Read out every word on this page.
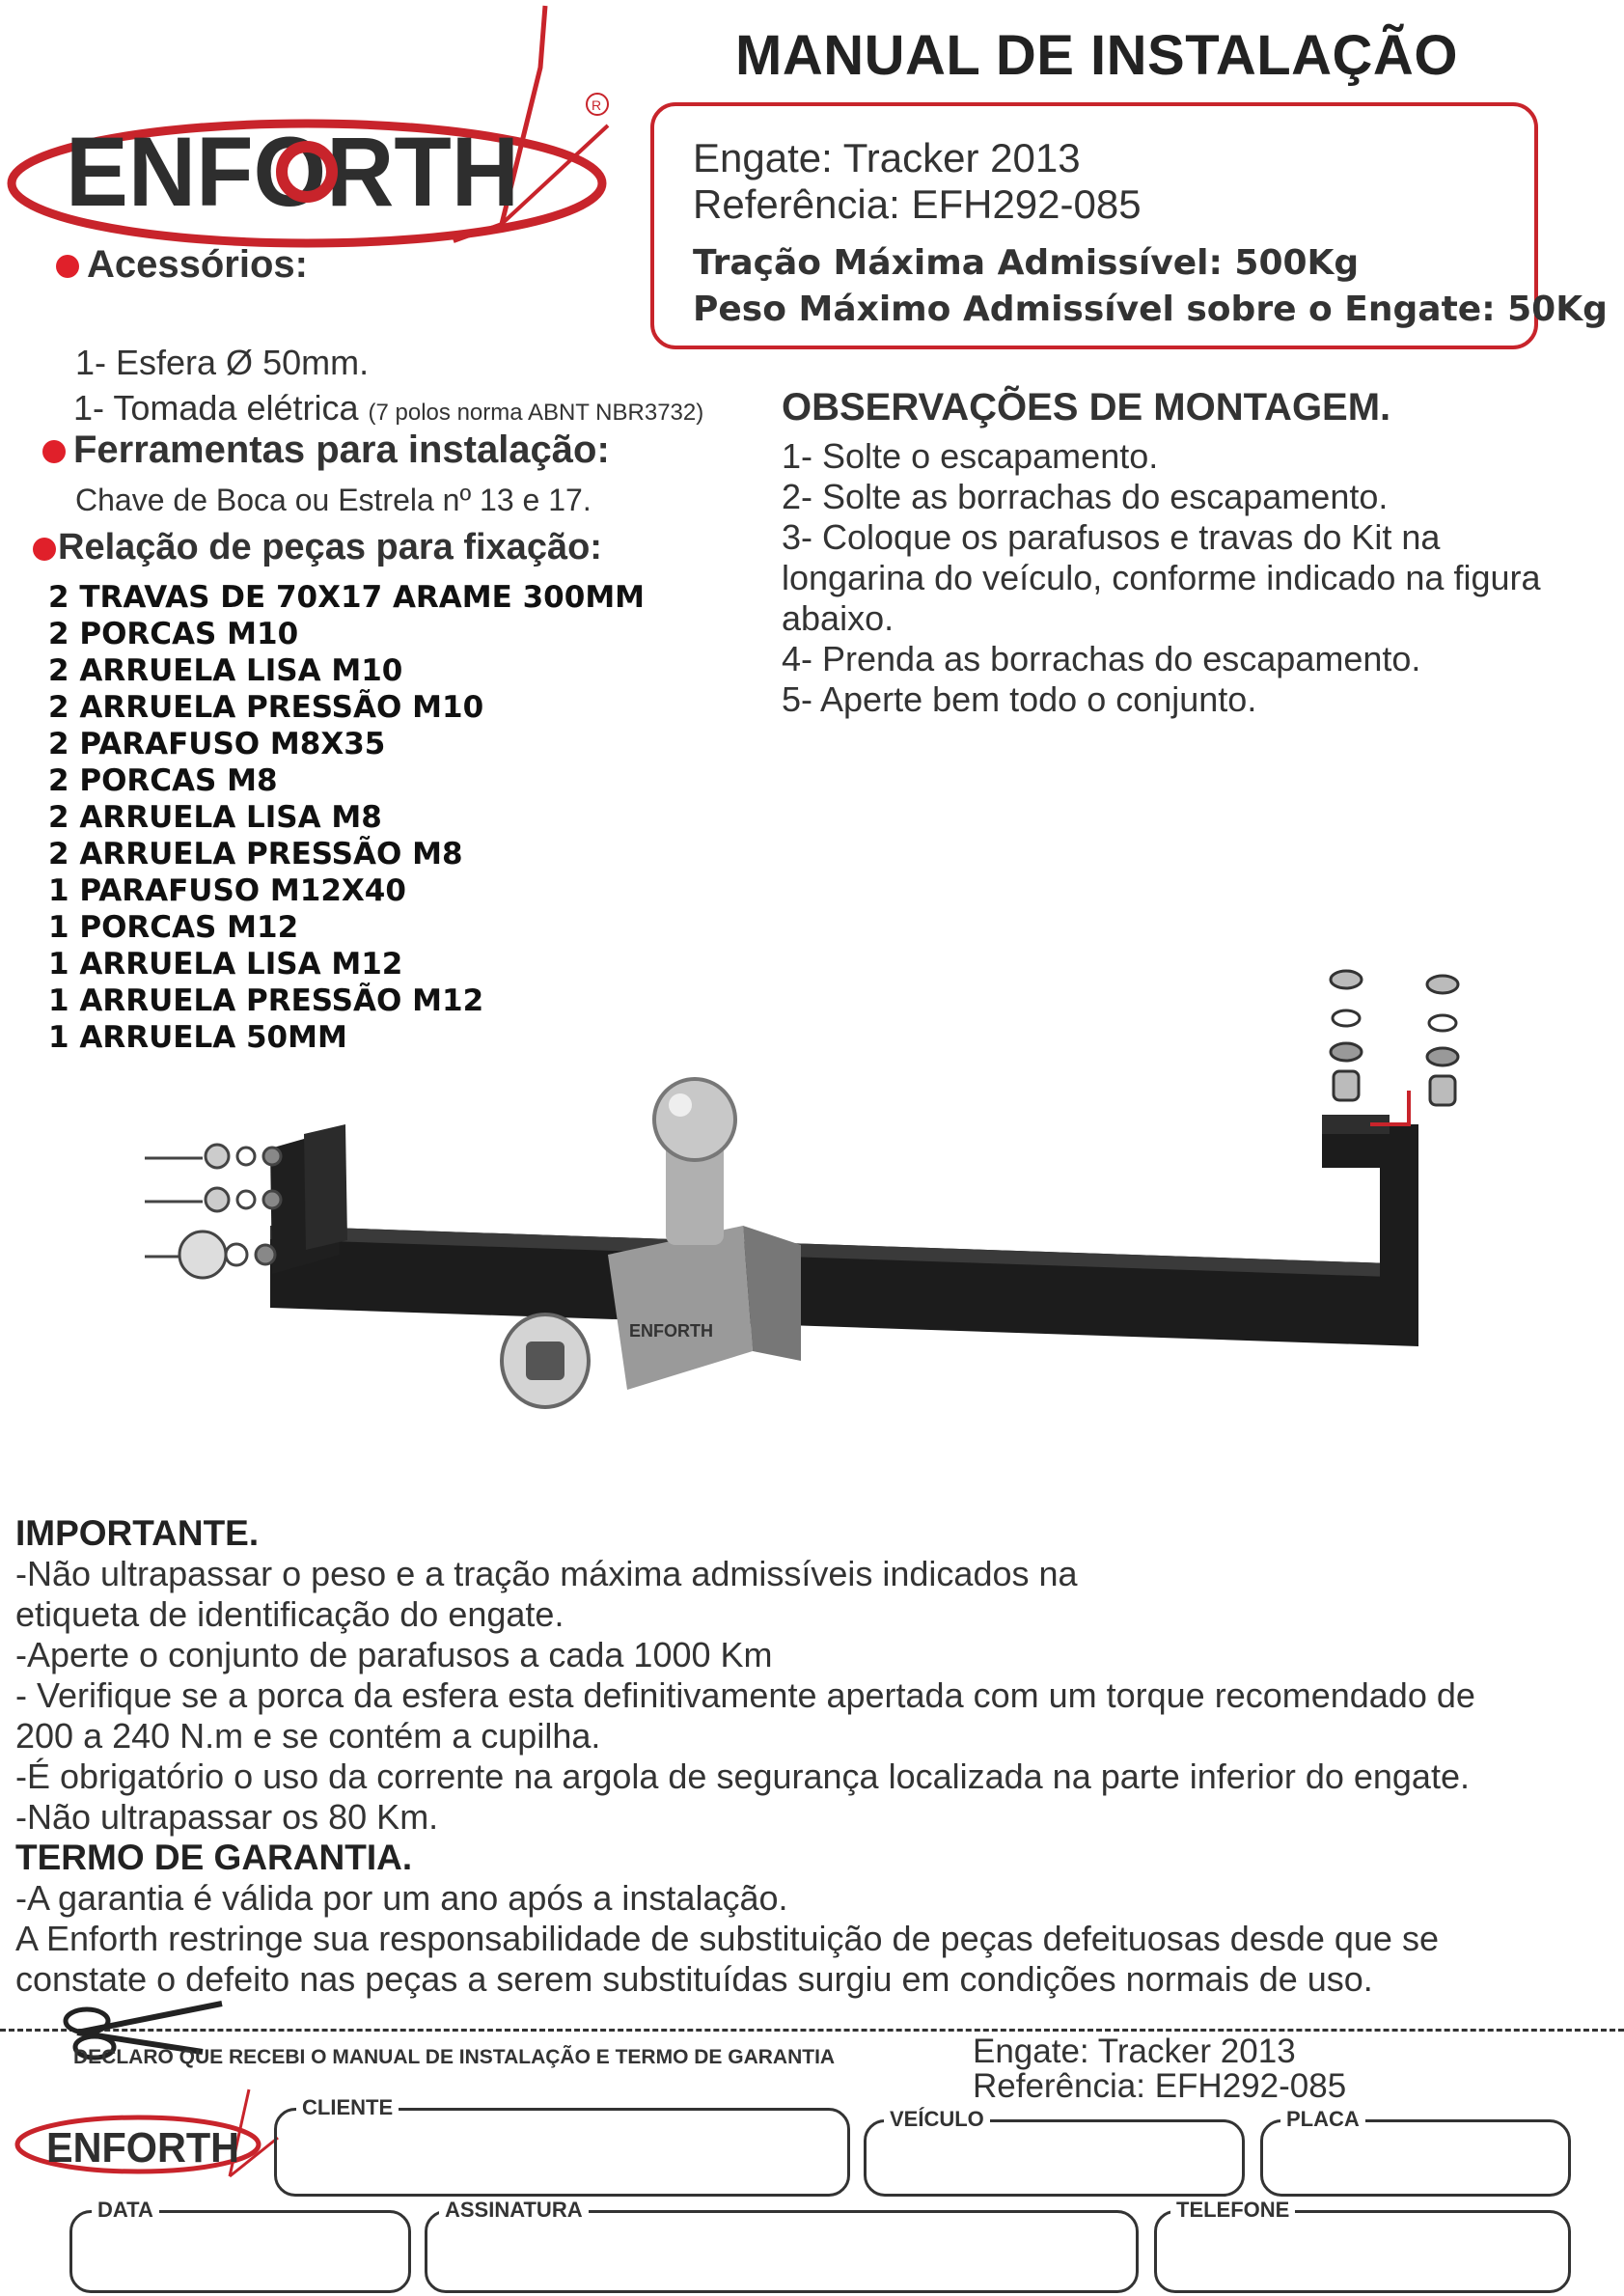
R
ENFORTH
MANUAL DE INSTALAÇÃO
Engate: Tracker 2013
Referência: EFH292-085
Tração Máxima Admissível: 500Kg
Peso Máximo Admissível sobre o Engate: 50Kg
Acessórios:
1- Esfera Ø 50mm.
1- Tomada elétrica (7 polos norma ABNT NBR3732)
Ferramentas para instalação:
Chave de Boca ou Estrela nº 13 e 17.
Relação de peças para fixação:
2 TRAVAS DE 70X17 ARAME 300MM
2 PORCAS M10
2 ARRUELA LISA M10
2 ARRUELA PRESSÃO M10
2 PARAFUSO M8X35
2 PORCAS M8
2 ARRUELA LISA M8
2 ARRUELA PRESSÃO M8
1 PARAFUSO M12X40
1 PORCAS M12
1 ARRUELA LISA M12
1 ARRUELA PRESSÃO M12
1 ARRUELA 50MM
OBSERVAÇÕES DE MONTAGEM.

1- Solte o escapamento.

2- Solte as borrachas do escapamento.

3- Coloque os parafusos e travas do Kit na longarina do veículo, conforme indicado na figura abaixo.

4- Prenda as borrachas do escapamento.

5- Aperte bem todo o conjunto.

ENFORTH
IMPORTANTE.
-Não ultrapassar o peso e a tração máxima admissíveis indicados na
etiqueta de identificação do engate.
-Aperte o conjunto de parafusos a cada 1000 Km
- Verifique se a porca da esfera esta definitivamente apertada com um torque recomendado de
200 a 240 N.m e se contém a cupilha.
-É obrigatório o uso da corrente na argola de segurança localizada na parte inferior do engate.
-Não ultrapassar os 80 Km.
TERMO DE GARANTIA.
-A garantia é válida por um ano após a instalação.
A Enforth restringe sua responsabilidade de substituição de peças defeituosas desde que se
constate o defeito nas peças a serem substituídas surgiu em condições normais de uso.
DECLARO QUE RECEBI O MANUAL DE INSTALAÇÃO E TERMO DE GARANTIA	Engate: Tracker 2013
Referência: EFH292-085
ENFORTH
CLIENTE	VEÍCULO	PLACA
DATA	ASSINATURA	TELEFONE
